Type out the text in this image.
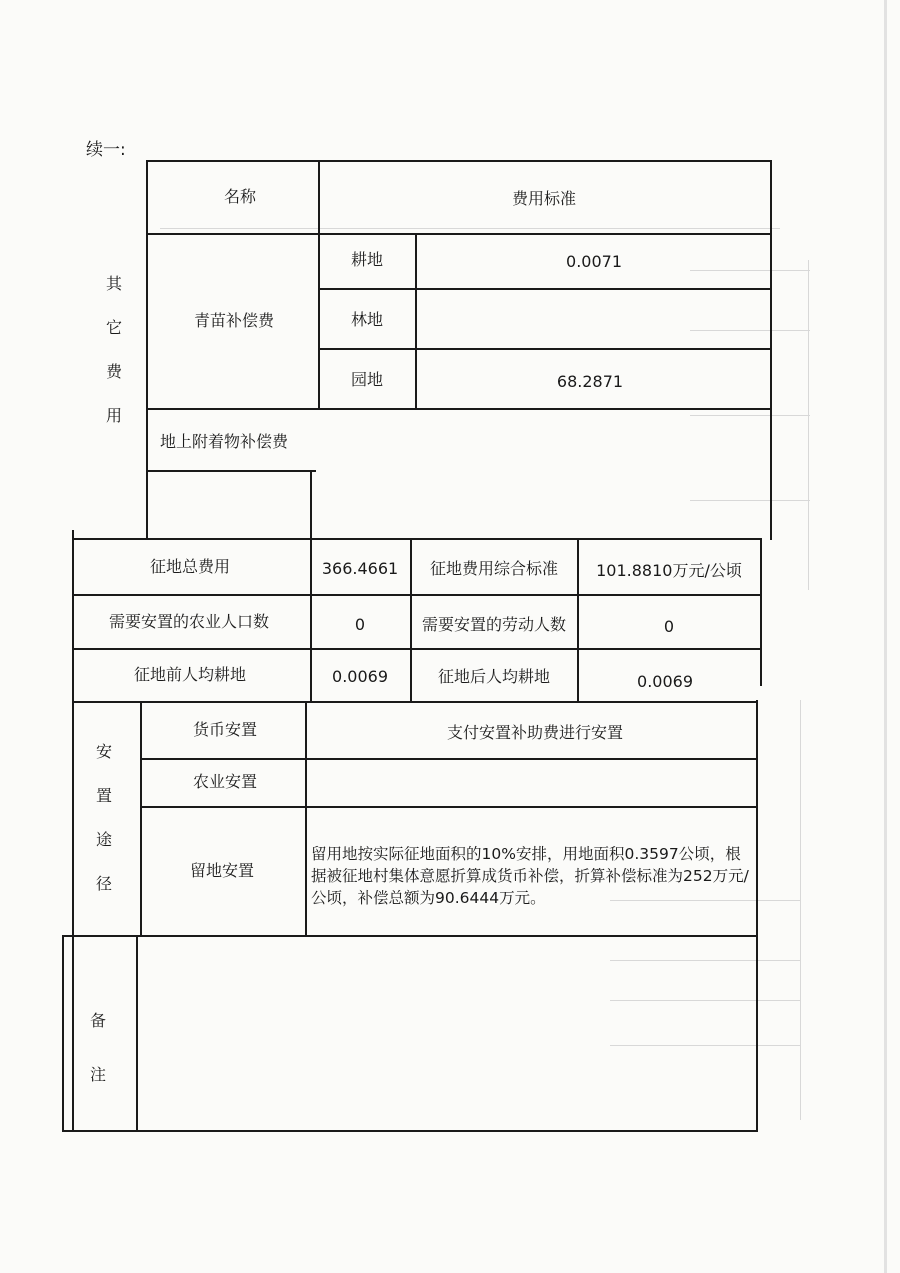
续一:
其它费用
名称	费用标准
青苗补偿费
耕地	0.0071
林地
园地	68.2871
地上附着物补偿费
征地总费用	366.4661 征地费用综合标准 101.8810万元/公顷
需要安置的农业人口数	0	需要安置的劳动人数	0
征地前人均耕地	0.0069	征地后人均耕地	0.0069
安置途径
货币安置	支付安置补助费进行安置
农业安置
留地安置
留用地按实际征地面积的10%安排，用地面积0.3597公顷，根据被征地村集体意愿折算成货币补偿，折算补偿标准为252万元/公顷，补偿总额为90.6444万元。
备注
